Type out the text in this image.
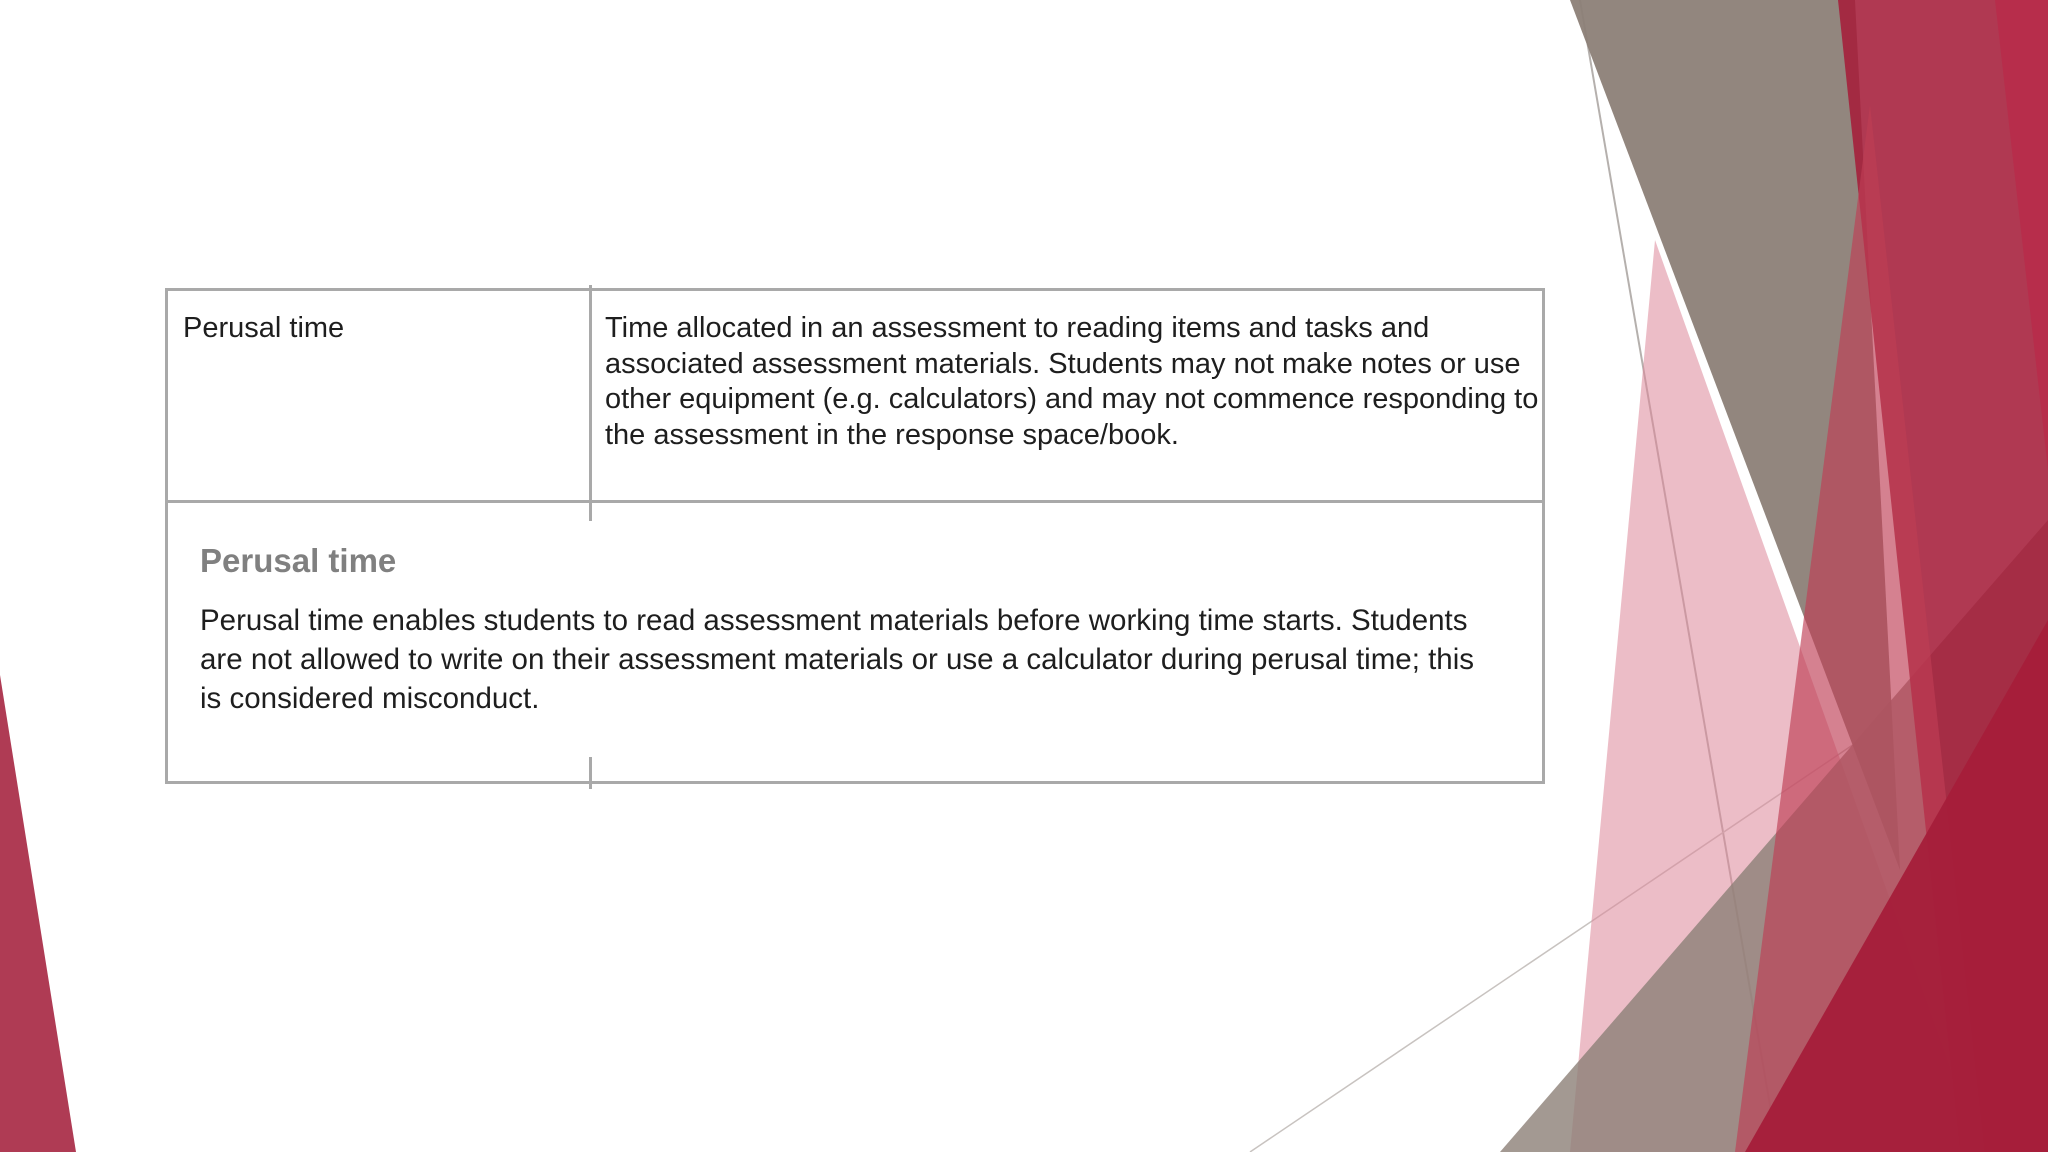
Perusal time	Time allocated in an assessment to reading items and tasks and
associated assessment materials. Students may not make notes or use
other equipment (e.g. calculators) and may not commence responding to
the assessment in the response space/book.
Perusal time
Perusal time enables students to read assessment materials before working time starts. Students
are not allowed to write on their assessment materials or use a calculator during perusal time; this
is considered misconduct.
